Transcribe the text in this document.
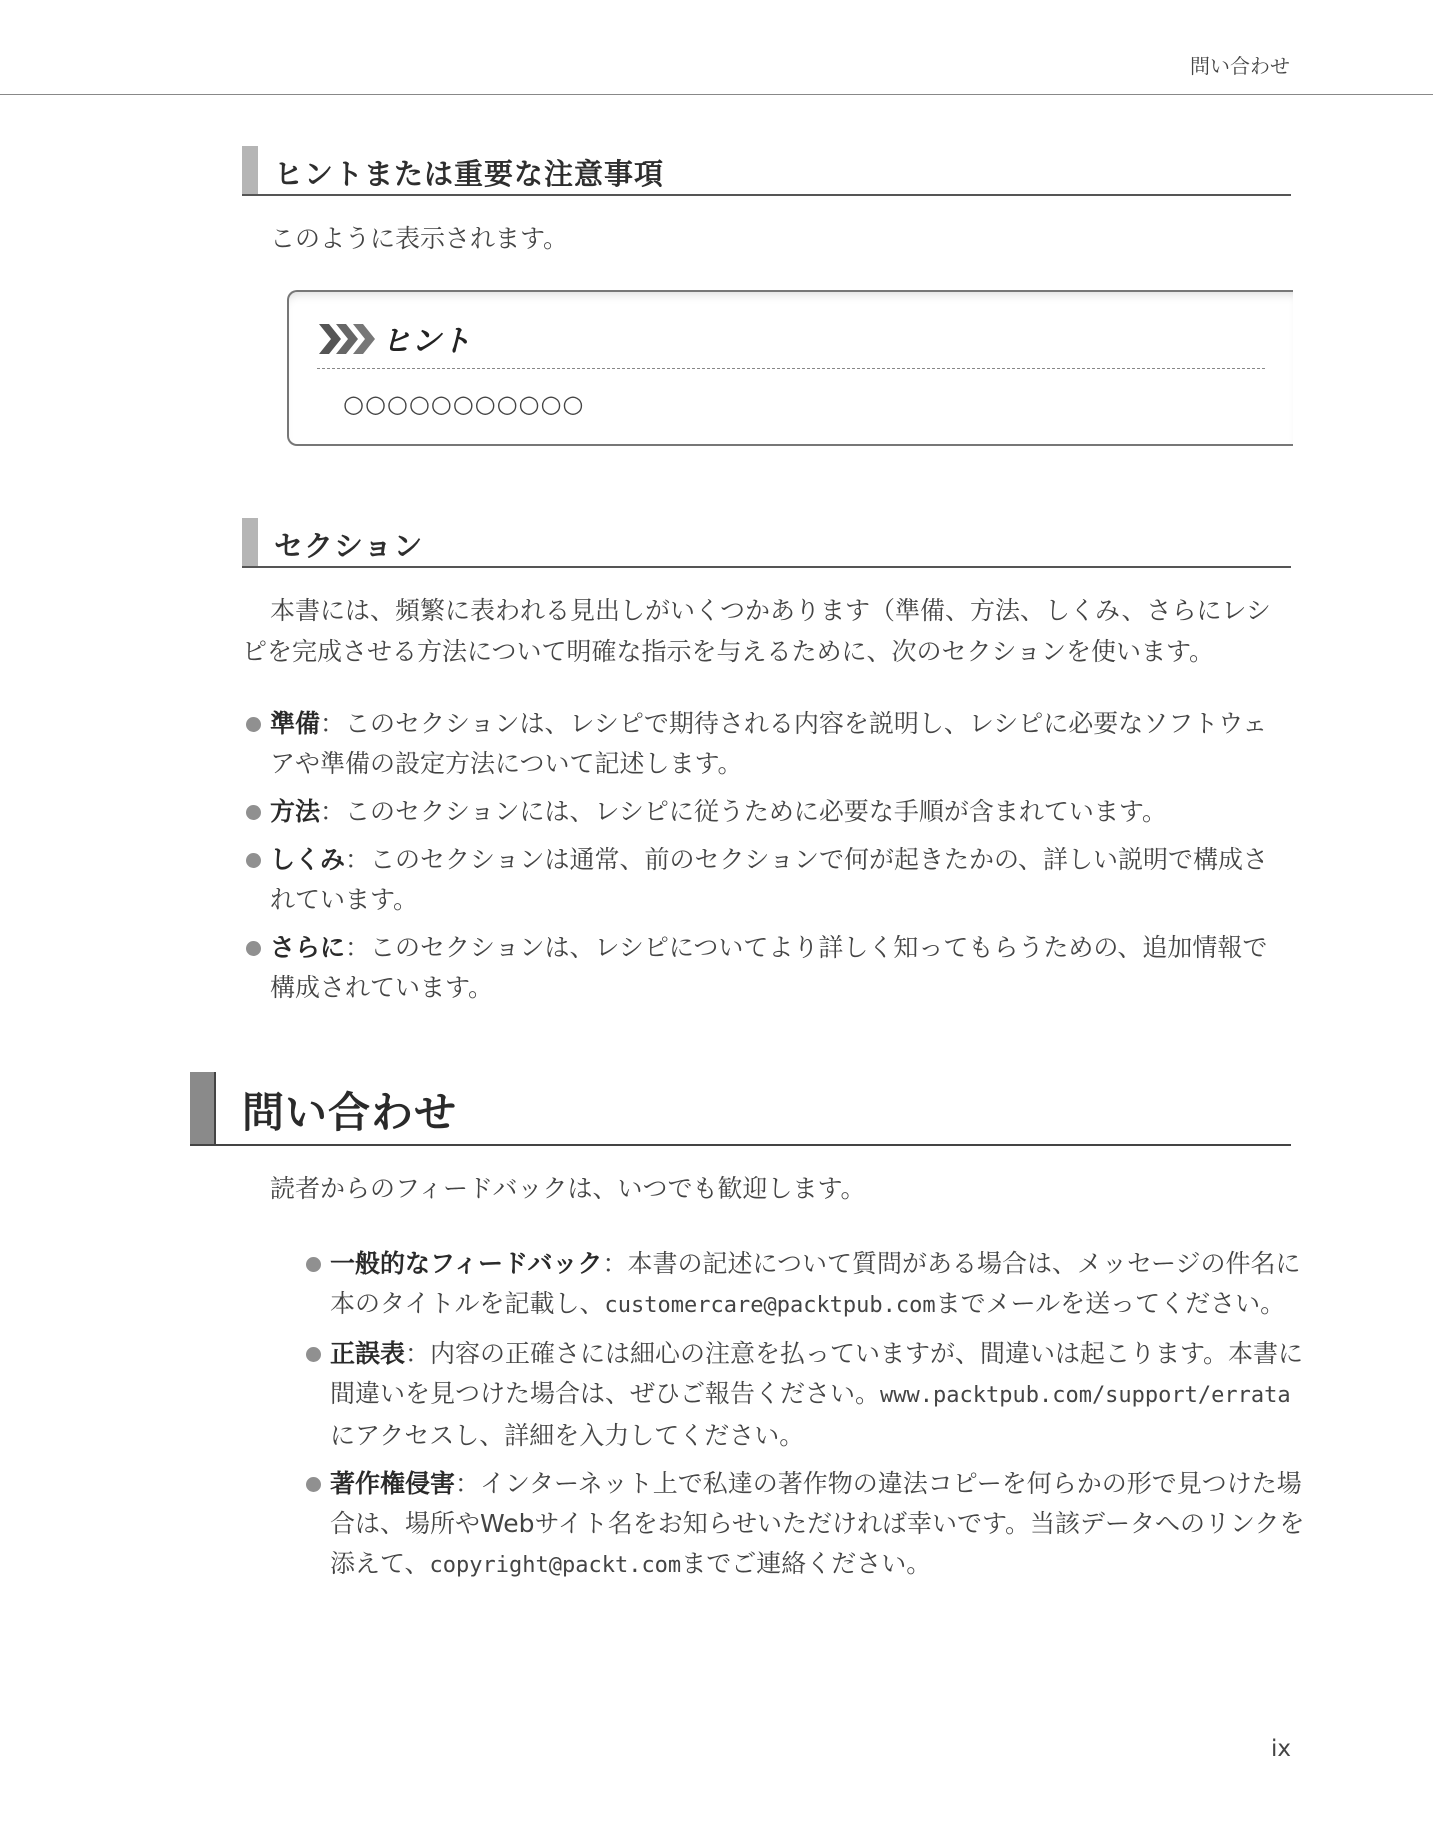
問い合わせ
ヒントまたは重要な注意事項
このように表示されます。
ヒント
○○○○○○○○○○○
セクション
本書には、頻繁に表われる見出しがいくつかあります（準備、方法、しくみ、さらにレシピを完成させる方法について明確な指示を与えるために、次のセクションを使います。
準備：このセクションは、レシピで期待される内容を説明し、レシピに必要なソフトウェアや準備の設定方法について記述します。
方法：このセクションには、レシピに従うために必要な手順が含まれています。
しくみ：このセクションは通常、前のセクションで何が起きたかの、詳しい説明で構成されています。
さらに：このセクションは、レシピについてより詳しく知ってもらうための、追加情報で構成されています。
問い合わせ
読者からのフィードバックは、いつでも歓迎します。
一般的なフィードバック：本書の記述について質問がある場合は、メッセージの件名に本のタイトルを記載し、customercare@packtpub.comまでメールを送ってください。
正誤表：内容の正確さには細心の注意を払っていますが、間違いは起こります。本書に間違いを見つけた場合は、ぜひご報告ください。www.packtpub.com/support/errataにアクセスし、詳細を入力してください。
著作権侵害：インターネット上で私達の著作物の違法コピーを何らかの形で見つけた場合は、場所やWebサイト名をお知らせいただければ幸いです。当該データへのリンクを添えて、copyright@packt.comまでご連絡ください。
ix
